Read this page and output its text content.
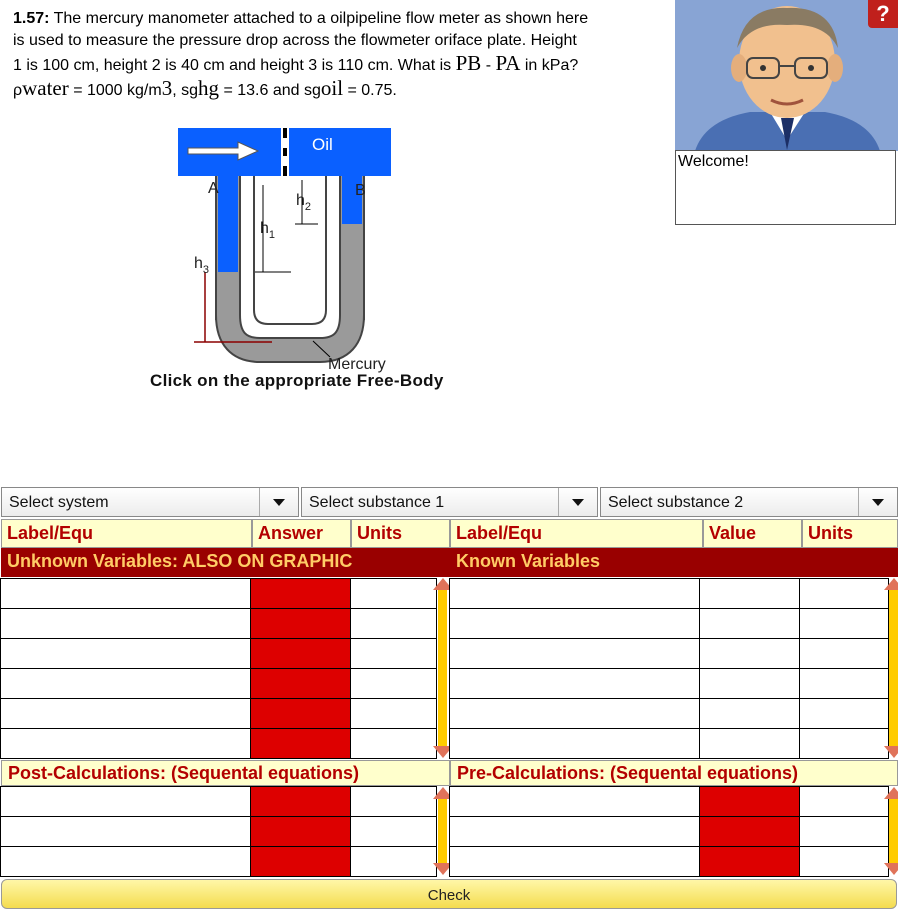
1.57: The mercury manometer attached to a oilpipeline flow meter as shown here
is used to measure the pressure drop across the flowmeter oriface plate. Height
1 is 100 cm, height 2 is 40 cm and height 3 is 110 cm. What is PB - PA in kPa?
ρwater = 1000 kg/m3, sghg = 13.6 and sgoil = 0.75.
?
Welcome!
A	B
Oil
$h_1$
$h_2$
$h_3$
Mercury
Click on the appropriate Free-Body
Select system	Select substance 1	Select substance 2
Label/Equ	Answer	Units	Label/Equ	Value	Units
Unknown Variables: ALSO ON GRAPHIC	Known Variables

Post-Calculations: (Sequental equations)	Pre-Calculations: (Sequental equations)

Check
